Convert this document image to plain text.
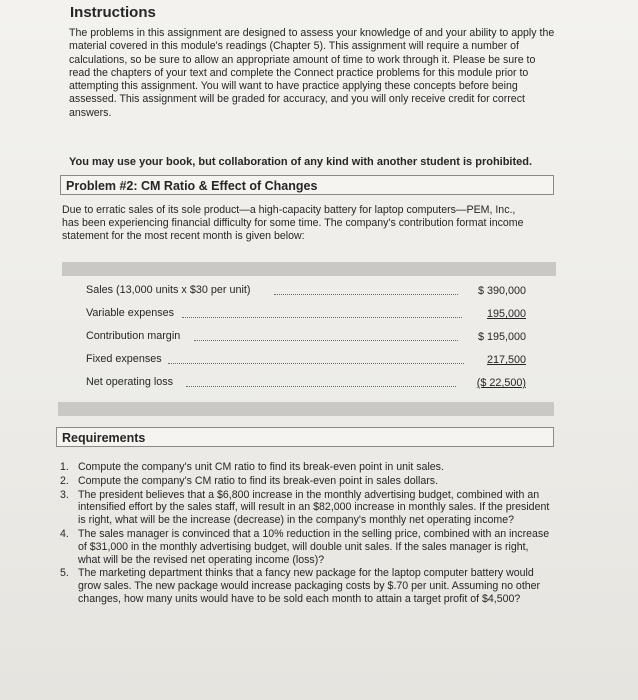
Instructions
The problems in this assignment are designed to assess your knowledge of and your ability to apply the material covered in this module's readings (Chapter 5). This assignment will require a number of calculations, so be sure to allow an appropriate amount of time to work through it. Please be sure to read the chapters of your text and complete the Connect practice problems for this module prior to attempting this assignment. You will want to have practice applying these concepts before being assessed. This assignment will be graded for accuracy, and you will only receive credit for correct answers.
You may use your book, but collaboration of any kind with another student is prohibited.
Problem #2: CM Ratio & Effect of Changes
Due to erratic sales of its sole product—a high-capacity battery for laptop computers—PEM, Inc., has been experiencing financial difficulty for some time. The company's contribution format income statement for the most recent month is given below:
Sales (13,000 units x $30 per unit)	$ 390,000
Variable expenses	195,000
Contribution margin	$ 195,000
Fixed expenses	217,500
Net operating loss	($ 22,500)
Requirements
1. Compute the company's unit CM ratio to find its break-even point in unit sales.
2. Compute the company's CM ratio to find its break-even point in sales dollars.
3. The president believes that a $6,800 increase in the monthly advertising budget, combined with an intensified effort by the sales staff, will result in an $82,000 increase in monthly sales. If the president is right, what will be the increase (decrease) in the company's monthly net operating income?
4. The sales manager is convinced that a 10% reduction in the selling price, combined with an increase of $31,000 in the monthly advertising budget, will double unit sales. If the sales manager is right, what will be the revised net operating income (loss)?
5. The marketing department thinks that a fancy new package for the laptop computer battery would grow sales. The new package would increase packaging costs by $.70 per unit. Assuming no other changes, how many units would have to be sold each month to attain a target profit of $4,500?
